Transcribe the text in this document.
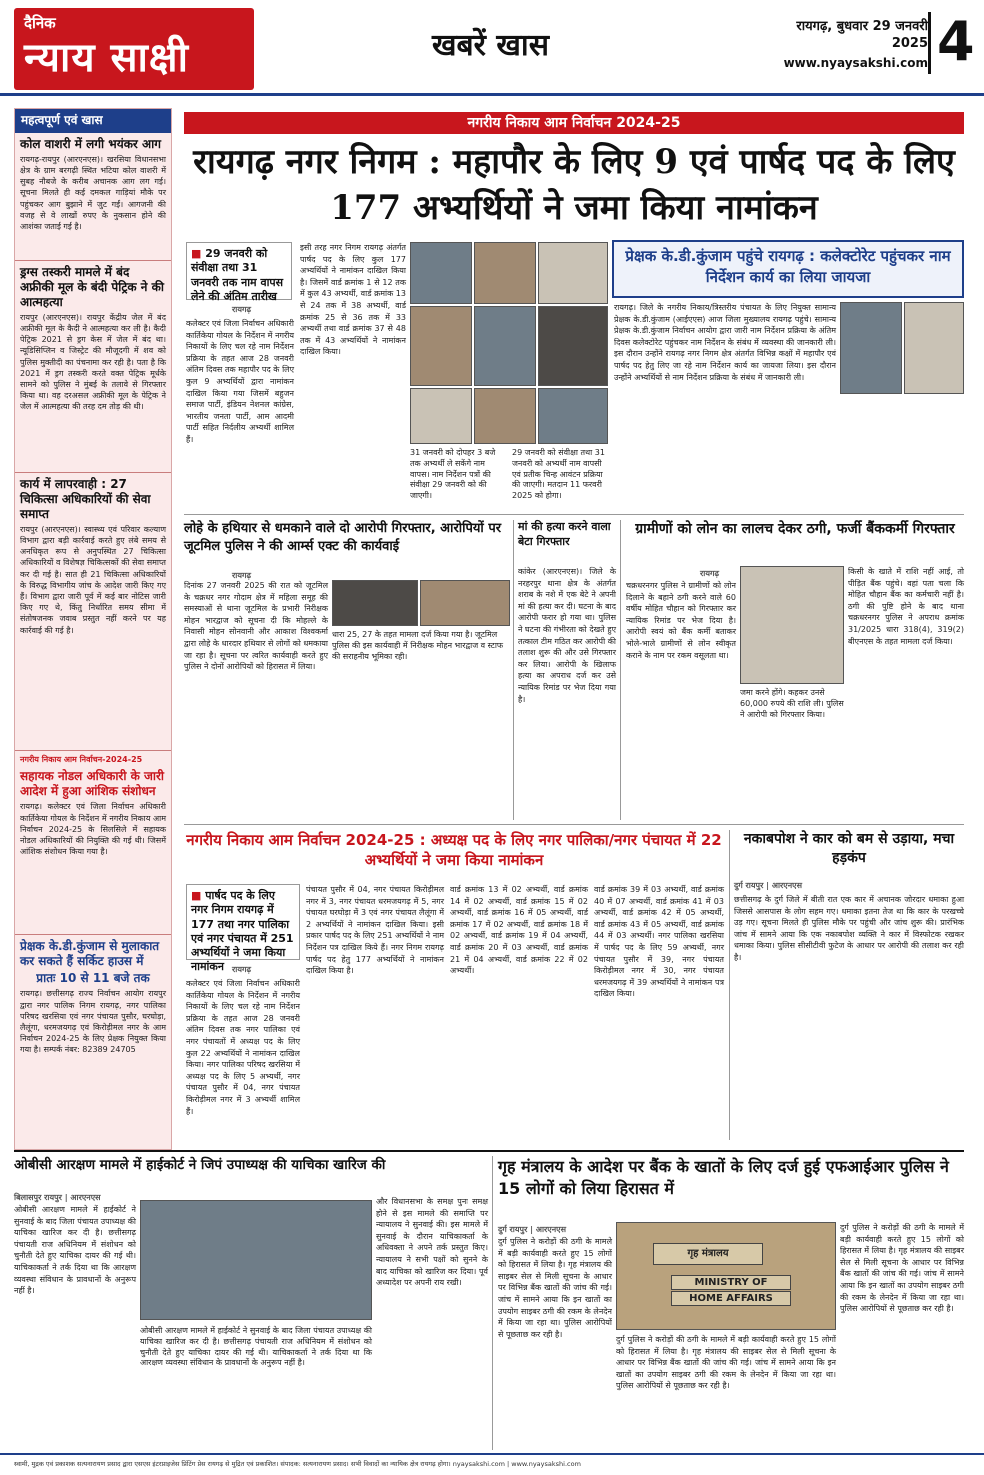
दैनिक
न्याय साक्षी	खबरें खास
रायगढ़, बुधवार 29 जनवरी 2025
www.nyaysakshi.com 4
महत्वपूर्ण एवं खास
कोल वाशरी में लगी भयंकर आग
रायगढ़-रायपुर (आरएनएस)। खरसिया विधानसभा क्षेत्र के ग्राम बरगढ़ी स्थित भटिया कोल वाशरी में सुबह नौबजे के करीब अचानक आग लग गई। सूचना मिलते ही कई दमकल गाड़ियां मौके पर पहुंचकर आग बुझाने में जुट गईं। आगजनी की वजह से वे लाखों रुपए के नुकसान होने की आशंका जताई गई है।
ड्रग्स तस्करी मामले में बंद अफ्रीकी मूल के बंदी पेट्रिक ने की आत्महत्या
रायपुर (आरएनएस)। रायपुर केंद्रीय जेल में बंद अफ्रीकी मूल के कैदी ने आत्महत्या कर ली है। कैदी पेट्रिक 2021 से ड्रग केस में जेल में बंद था। न्यूडिसिप्लिन व जिस्ट्रेट की मौजूदगी में शव को पुलिस मुक्तीदी का पंचनामा कर रही है। पता है कि 2021 में ड्रग तस्करी करते वक्त पेट्रिक मूर्धके सामने को पुलिस ने मुंबई के तलावे से गिरफ्तार किया था। वह दरअसल अफ्रीकी मूल के पेट्रिक ने जेल में आत्महत्या की तरह दम तोड़ की थी।
कार्य में लापरवाही : 27 चिकित्सा अधिकारियों की सेवा समाप्त
रायपुर (आरएनएस)। स्वास्थ्य एवं परिवार कल्याण विभाग द्वारा बड़ी कार्रवाई करते हुए लंबे समय से अनधिकृत रूप से अनुपस्थित 27 चिकित्सा अधिकारियों व विशेषज्ञ चिकित्सकों की सेवा समाप्त कर दी गई है। सात ही 21 चिकित्सा अधिकारियों के विरुद्ध विभागीय जांच के आदेश जारी किए गए हैं। विभाग द्वारा जारी पूर्व में कई बार नोटिस जारी किए गए थे, किंतु निर्धारित समय सीमा में संतोषजनक जवाब प्रस्तुत नहीं करने पर यह कार्रवाई की गई है।
नगरीय निकाय आम निर्वाचन-2024-25
सहायक नोडल अधिकारी के जारी आदेश में हुआ आंशिक संशोधन
रायगढ़। कलेक्टर एवं जिला निर्वाचन अधिकारी कार्तिकेया गोयल के निर्देशन में नगरीय निकाय आम निर्वाचन 2024-25 के सिलसिले में सहायक नोडल अधिकारियों की नियुक्ति की गई थी। जिसमें आंशिक संशोधन किया गया है।
प्रेक्षक के.डी.कुंजाम से मुलाकात कर सकते हैं सर्किट हाउस में
प्रातः 10 से 11 बजे तक
रायगढ़। छत्तीसगढ़ राज्य निर्वाचन आयोग रायपुर द्वारा नगर पालिक निगम रायगढ़, नगर पालिका परिषद खरसिया एवं नगर पंचायत पुसौर, घरघोड़ा, लैलूंगा, धरमजयगढ़ एवं किरोड़ीमल नगर के आम निर्वाचन 2024-25 के लिए प्रेक्षक नियुक्त किया गया है। सम्पर्क नंबर: 82389 24705
नगरीय निकाय आम निर्वाचन 2024-25
रायगढ़ नगर निगम : महापौर के लिए 9 एवं पार्षद पद के लिए 177 अभ्यर्थियों ने जमा किया नामांकन
■ 29 जनवरी को संवीक्षा तथा 31 जनवरी तक नाम वापस लेने की अंतिम तारीख
रायगढ़
कलेक्टर एवं जिला निर्वाचन अधिकारी कार्तिकेया गोयल के निर्देशन में नगरीय निकायों के लिए चल रहे नाम निर्देशन प्रक्रिया के तहत आज 28 जनवरी अंतिम दिवस तक महापौर पद के लिए कुल 9 अभ्यर्थियों द्वारा नामांकन दाखिल किया गया जिसमें बहुजन समाज पार्टी, इंडियन नेशनल कांग्रेस, भारतीय जनता पार्टी, आम आदमी पार्टी सहित निर्दलीय अभ्यर्थी शामिल हैं।
इसी तरह नगर निगम रायगढ़ अंतर्गत पार्षद पद के लिए कुल 177 अभ्यर्थियों ने नामांकन दाखिल किया है। जिसमें वार्ड क्रमांक 1 से 12 तक में कुल 43 अभ्यर्थी, वार्ड क्रमांक 13 से 24 तक में 38 अभ्यर्थी, वार्ड क्रमांक 25 से 36 तक में 33 अभ्यर्थी तथा वार्ड क्रमांक 37 से 48 तक में 43 अभ्यर्थियों ने नामांकन दाखिल किया।
31 जनवरी को दोपहर 3 बजे तक अभ्यर्थी ले सकेंगे नाम वापस। नाम निर्देशन पत्रों की संवीक्षा 29 जनवरी को की जाएगी।
29 जनवरी को संवीक्षा तथा 31 जनवरी को अभ्यर्थी नाम वापसी एवं प्रतीक चिन्ह आवंटन प्रक्रिया की जाएगी। मतदान 11 फरवरी 2025 को होगा।
प्रेक्षक के.डी.कुंजाम पहुंचे रायगढ़ : कलेक्टोरेट पहुंचकर नाम निर्देशन कार्य का लिया जायजा
रायगढ़। जिले के नगरीय निकाय/त्रिस्तरीय पंचायत के लिए नियुक्त सामान्य प्रेक्षक के.डी.कुंजाम (आईएएस) आज जिला मुख्यालय रायगढ़ पहुंचे। सामान्य प्रेक्षक के.डी.कुंजाम निर्वाचन आयोग द्वारा जारी नाम निर्देशन प्रक्रिया के अंतिम दिवस कलेक्टोरेट पहुंचकर नाम निर्देशन के संबंध में व्यवस्था की जानकारी ली। इस दौरान उन्होंने रायगढ़ नगर निगम क्षेत्र अंतर्गत विभिन्न कक्षों में महापौर एवं पार्षद पद हेतु लिए जा रहे नाम निर्देशन कार्य का जायजा लिया। इस दौरान उन्होंने अभ्यर्थियों से नाम निर्देशन प्रक्रिया के संबंध में जानकारी ली।
लोहे के हथियार से धमकाने वाले दो आरोपी गिरफ्तार, आरोपियों पर जूटमिल पुलिस ने की आर्म्स एक्ट की कार्यवाई
रायगढ़
दिनांक 27 जनवरी 2025 की रात को जूटमिल के चक्रधर नगर गोदाम क्षेत्र में महिला समूह की समस्याओं से थाना जूटमिल के प्रभारी निरीक्षक मोहन भारद्वाज को सूचना दी कि मोहल्ले के निवासी मोहन सोनवानी और आकाश विश्वकर्मा द्वारा लोहे के धारदार हथियार से लोगों को धमकाया जा रहा है। सूचना पर त्वरित कार्यवाही करते हुए पुलिस ने दोनों आरोपियों को हिरासत में लिया।
धारा 25, 27 के तहत मामला दर्ज किया गया है। जूटमिल पुलिस की इस कार्यवाही में निरीक्षक मोहन भारद्वाज व स्टाफ की सराहनीय भूमिका रही।
मां की हत्या करने वाला बेटा गिरफ्तार
कांकेर (आरएनएस)। जिले के नरहरपुर थाना क्षेत्र के अंतर्गत शराब के नशे में एक बेटे ने अपनी मां की हत्या कर दी। घटना के बाद आरोपी फरार हो गया था। पुलिस ने घटना की गंभीरता को देखते हुए तत्काल टीम गठित कर आरोपी की तलाश शुरू की और उसे गिरफ्तार कर लिया। आरोपी के खिलाफ हत्या का अपराध दर्ज कर उसे न्यायिक रिमांड पर भेज दिया गया है।
ग्रामीणों को लोन का लालच देकर ठगी, फर्जी बैंककर्मी गिरफ्तार
रायगढ़
चक्रधरनगर पुलिस ने ग्रामीणों को लोन दिलाने के बहाने ठगी करने वाले 60 वर्षीय मोहित चौहान को गिरफ्तार कर न्यायिक रिमांड पर भेज दिया है। आरोपी स्वयं को बैंक कर्मी बताकर भोले-भाले ग्रामीणों से लोन स्वीकृत कराने के नाम पर रकम वसूलता था।
जमा करने होंगे। कहकर उनसे 60,000 रुपये की राशि ली। पुलिस ने आरोपी को गिरफ्तार किया।
किसी के खाते में राशि नहीं आई, तो पीड़ित बैंक पहुंचे। वहां पता चला कि मोहित चौहान बैंक का कर्मचारी नहीं है। ठगी की पुष्टि होने के बाद थाना चक्रधरनगर पुलिस ने अपराध क्रमांक 31/2025 धारा 318(4), 319(2) बीएनएस के तहत मामला दर्ज किया।
नगरीय निकाय आम निर्वाचन 2024-25 : अध्यक्ष पद के लिए नगर पालिका/नगर पंचायत में 22 अभ्यर्थियों ने जमा किया नामांकन
■ पार्षद पद के लिए नगर निगम रायगढ़ में 177 तथा नगर पालिका एवं नगर पंचायत में 251 अभ्यर्थियों ने जमा किया नामांकन	रायगढ़
कलेक्टर एवं जिला निर्वाचन अधिकारी कार्तिकेया गोयल के निर्देशन में नगरीय निकायों के लिए चल रहे नाम निर्देशन प्रक्रिया के तहत आज 28 जनवरी अंतिम दिवस तक नगर पालिका एवं नगर पंचायतों में अध्यक्ष पद के लिए कुल 22 अभ्यर्थियों ने नामांकन दाखिल किया। नगर पालिका परिषद खरसिया में अध्यक्ष पद के लिए 5 अभ्यर्थी, नगर पंचायत पुसौर में 04, नगर पंचायत किरोड़ीमल नगर में 3 अभ्यर्थी शामिल हैं।
पंचायत पुसौर में 04, नगर पंचायत किरोड़ीमल नगर में 3, नगर पंचायत धरमजयगढ़ में 5, नगर पंचायत घरघोड़ा में 3 एवं नगर पंचायत लैलूंगा में 2 अभ्यर्थियों ने नामांकन दाखिल किया। इसी प्रकार पार्षद पद के लिए 251 अभ्यर्थियों ने नाम निर्देशन पत्र दाखिल किये हैं। नगर निगम रायगढ़ पार्षद पद हेतु 177 अभ्यर्थियों ने नामांकन दाखिल किया है।
वार्ड क्रमांक 13 में 02 अभ्यर्थी, वार्ड क्रमांक 14 में 02 अभ्यर्थी, वार्ड क्रमांक 15 में 02 अभ्यर्थी, वार्ड क्रमांक 16 में 05 अभ्यर्थी, वार्ड क्रमांक 17 में 02 अभ्यर्थी, वार्ड क्रमांक 18 में 02 अभ्यर्थी, वार्ड क्रमांक 19 में 04 अभ्यर्थी, वार्ड क्रमांक 20 में 03 अभ्यर्थी, वार्ड क्रमांक 21 में 04 अभ्यर्थी, वार्ड क्रमांक 22 में 02 अभ्यर्थी।
वार्ड क्रमांक 39 में 03 अभ्यर्थी, वार्ड क्रमांक 40 में 07 अभ्यर्थी, वार्ड क्रमांक 41 में 03 अभ्यर्थी, वार्ड क्रमांक 42 में 05 अभ्यर्थी, वार्ड क्रमांक 43 में 05 अभ्यर्थी, वार्ड क्रमांक 44 में 03 अभ्यर्थी। नगर पालिका खरसिया में पार्षद पद के लिए 59 अभ्यर्थी, नगर पंचायत पुसौर में 39, नगर पंचायत किरोड़ीमल नगर में 30, नगर पंचायत धरमजयगढ़ में 39 अभ्यर्थियों ने नामांकन पत्र दाखिल किया।
नकाबपोश ने कार को बम से उड़ाया, मचा हड़कंप
दुर्ग रायपुर | आरएनएस
छत्तीसगढ़ के दुर्ग जिले में बीती रात एक कार में अचानक जोरदार धमाका हुआ जिससे आसपास के लोग सहम गए। धमाका इतना तेज था कि कार के परखच्चे उड़ गए। सूचना मिलते ही पुलिस मौके पर पहुंची और जांच शुरू की। प्रारंभिक जांच में सामने आया कि एक नकाबपोश व्यक्ति ने कार में विस्फोटक रखकर धमाका किया। पुलिस सीसीटीवी फुटेज के आधार पर आरोपी की तलाश कर रही है।
ओबीसी आरक्षण मामले में हाईकोर्ट ने जिपं उपाध्यक्ष की याचिका खारिज की
बिलासपुर रायपुर | आरएनएस
ओबीसी आरक्षण मामले में हाईकोर्ट ने सुनवाई के बाद जिला पंचायत उपाध्यक्ष की याचिका खारिज कर दी है। छत्तीसगढ़ पंचायती राज अधिनियम में संशोधन को चुनौती देते हुए याचिका दायर की गई थी। याचिकाकर्ता ने तर्क दिया था कि आरक्षण व्यवस्था संविधान के प्रावधानों के अनुरूप नहीं है।
और विधानसभा के समक्ष पुनः समक्ष होने से इस मामले की समाप्ति पर न्यायालय ने सुनवाई की। इस मामले में सुनवाई के दौरान याचिकाकर्ता के अधिवक्ता ने अपने तर्क प्रस्तुत किए। न्यायालय ने सभी पक्षों को सुनने के बाद याचिका को खारिज कर दिया। पूर्व अध्यादेश पर अपनी राय रखी।
ओबीसी आरक्षण मामले में हाईकोर्ट ने सुनवाई के बाद जिला पंचायत उपाध्यक्ष की याचिका खारिज कर दी है। छत्तीसगढ़ पंचायती राज अधिनियम में संशोधन को चुनौती देते हुए याचिका दायर की गई थी। याचिकाकर्ता ने तर्क दिया था कि आरक्षण व्यवस्था संविधान के प्रावधानों के अनुरूप नहीं है।
गृह मंत्रालय के आदेश पर बैंक के खातों के लिए दर्ज हुई एफआईआर पुलिस ने 15 लोगों को लिया हिरासत में
दुर्ग रायपुर | आरएनएस
दुर्ग पुलिस ने करोड़ों की ठगी के मामले में बड़ी कार्यवाही करते हुए 15 लोगों को हिरासत में लिया है। गृह मंत्रालय की साइबर सेल से मिली सूचना के आधार पर विभिन्न बैंक खातों की जांच की गई। जांच में सामने आया कि इन खातों का उपयोग साइबर ठगी की रकम के लेनदेन में किया जा रहा था। पुलिस आरोपियों से पूछताछ कर रही है।
गृह मंत्रालय
MINISTRY OF
HOME AFFAIRS
दुर्ग पुलिस ने करोड़ों की ठगी के मामले में बड़ी कार्यवाही करते हुए 15 लोगों को हिरासत में लिया है। गृह मंत्रालय की साइबर सेल से मिली सूचना के आधार पर विभिन्न बैंक खातों की जांच की गई। जांच में सामने आया कि इन खातों का उपयोग साइबर ठगी की रकम के लेनदेन में किया जा रहा था। पुलिस आरोपियों से पूछताछ कर रही है।
दुर्ग पुलिस ने करोड़ों की ठगी के मामले में बड़ी कार्यवाही करते हुए 15 लोगों को हिरासत में लिया है। गृह मंत्रालय की साइबर सेल से मिली सूचना के आधार पर विभिन्न बैंक खातों की जांच की गई। जांच में सामने आया कि इन खातों का उपयोग साइबर ठगी की रकम के लेनदेन में किया जा रहा था। पुलिस आरोपियों से पूछताछ कर रही है।
स्वामी, मुद्रक एवं प्रकाशक सत्यनारायण प्रसाद द्वारा एसएस इंटरप्राइजेस प्रिंटिंग प्रेस रायगढ़ से मुद्रित एवं प्रकाशित। संपादक: सत्यनारायण प्रसाद। सभी विवादों का न्यायिक क्षेत्र रायगढ़ होगा। nyaysakshi.com | www.nyaysakshi.com
